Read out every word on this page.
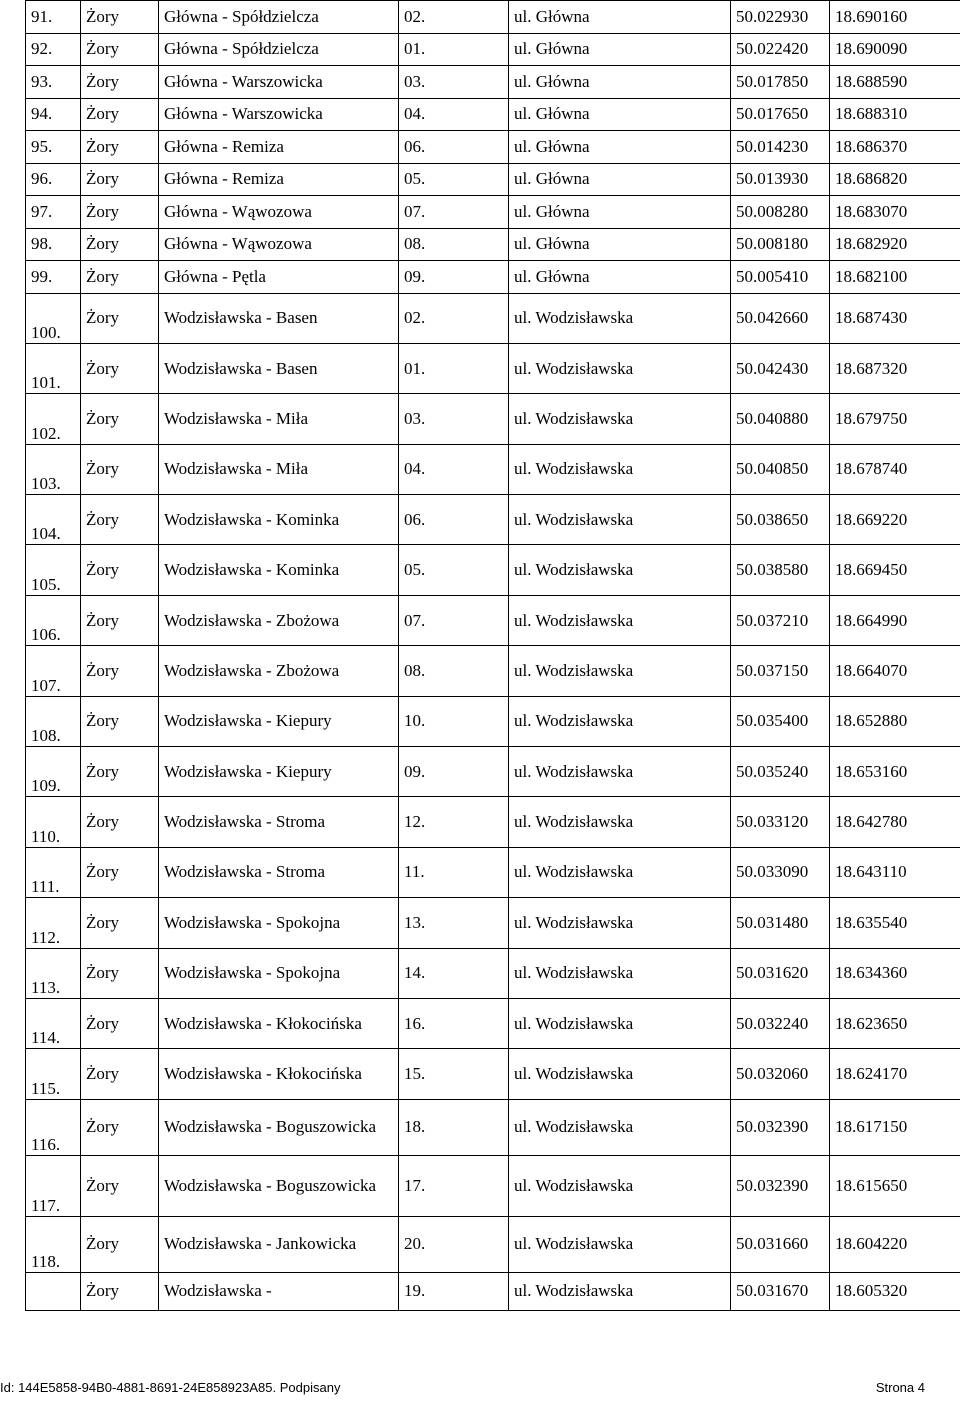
91.	Żory	Główna - Spółdzielcza	02.	ul. Główna	50.022930	18.690160
92.	Żory	Główna - Spółdzielcza	01.	ul. Główna	50.022420	18.690090
93.	Żory	Główna - Warszowicka	03.	ul. Główna	50.017850	18.688590
94.	Żory	Główna - Warszowicka	04.	ul. Główna	50.017650	18.688310
95.	Żory	Główna - Remiza	06.	ul. Główna	50.014230	18.686370
96.	Żory	Główna - Remiza	05.	ul. Główna	50.013930	18.686820
97.	Żory	Główna - Wąwozowa	07.	ul. Główna	50.008280	18.683070
98.	Żory	Główna - Wąwozowa	08.	ul. Główna	50.008180	18.682920
99.	Żory	Główna - Pętla	09.	ul. Główna	50.005410	18.682100
100.	Żory	Wodzisławska - Basen	02.	ul. Wodzisławska	50.042660	18.687430
101.	Żory	Wodzisławska - Basen	01.	ul. Wodzisławska	50.042430	18.687320
102.	Żory	Wodzisławska - Miła	03.	ul. Wodzisławska	50.040880	18.679750
103.	Żory	Wodzisławska - Miła	04.	ul. Wodzisławska	50.040850	18.678740
104.	Żory	Wodzisławska - Kominka	06.	ul. Wodzisławska	50.038650	18.669220
105.	Żory	Wodzisławska - Kominka	05.	ul. Wodzisławska	50.038580	18.669450
106.	Żory	Wodzisławska - Zbożowa	07.	ul. Wodzisławska	50.037210	18.664990
107.	Żory	Wodzisławska - Zbożowa	08.	ul. Wodzisławska	50.037150	18.664070
108.	Żory	Wodzisławska - Kiepury	10.	ul. Wodzisławska	50.035400	18.652880
109.	Żory	Wodzisławska - Kiepury	09.	ul. Wodzisławska	50.035240	18.653160
110.	Żory	Wodzisławska - Stroma	12.	ul. Wodzisławska	50.033120	18.642780
111.	Żory	Wodzisławska - Stroma	11.	ul. Wodzisławska	50.033090	18.643110
112.	Żory	Wodzisławska - Spokojna	13.	ul. Wodzisławska	50.031480	18.635540
113.	Żory	Wodzisławska - Spokojna	14.	ul. Wodzisławska	50.031620	18.634360
114.	Żory	Wodzisławska - Kłokocińska	16.	ul. Wodzisławska	50.032240	18.623650
115.	Żory	Wodzisławska - Kłokocińska	15.	ul. Wodzisławska	50.032060	18.624170
116.	Żory	Wodzisławska - Boguszowicka	18.	ul. Wodzisławska	50.032390	18.617150
117.	Żory	Wodzisławska - Boguszowicka	17.	ul. Wodzisławska	50.032390	18.615650
118.	Żory	Wodzisławska - Jankowicka	20.	ul. Wodzisławska	50.031660	18.604220
	Żory	Wodzisławska -	19.	ul. Wodzisławska	50.031670	18.605320
Id: 144E5858-94B0-4881-8691-24E858923A85. Podpisany	Strona 4
